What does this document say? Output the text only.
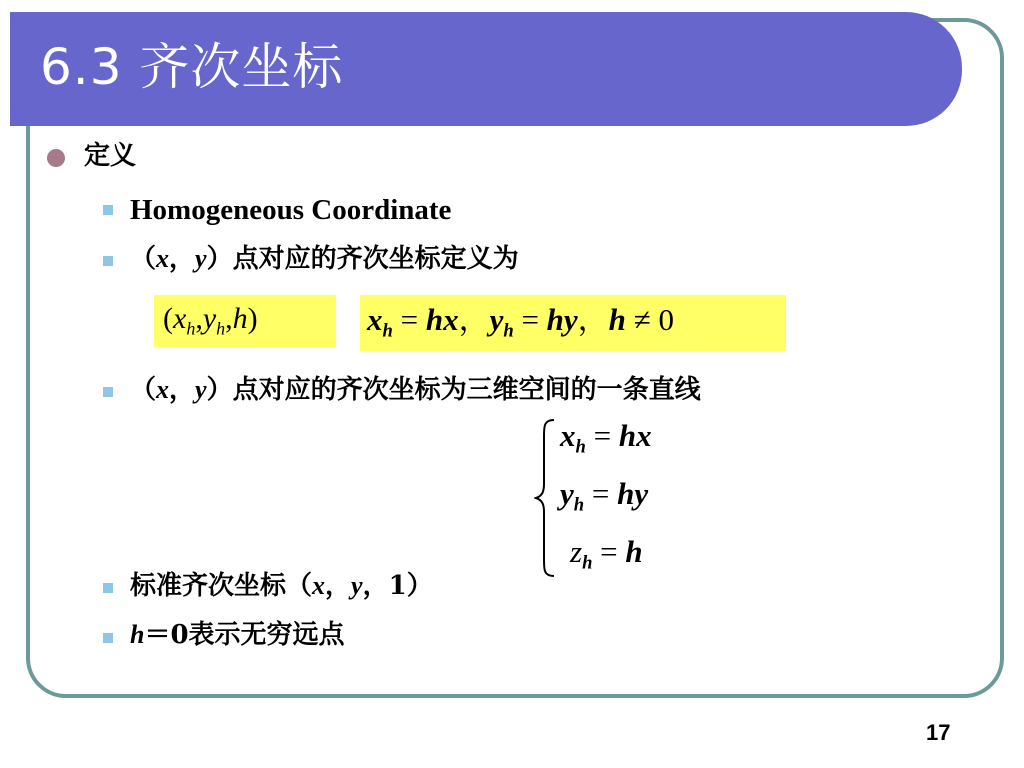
6.3 齐次坐标
定义
Homogeneous Coordinate
（x，y）点对应的齐次坐标定义为
$(x_h,y_h,h)$	$x_h$ = hx，$y_h$ = hy，h ≠ 0
（x，y）点对应的齐次坐标为三维空间的一条直线
$x_h$ = hx
$y_h$ = hy
$z_h = h$
标准齐次坐标（x，y，1）
h＝0表示无穷远点
17
